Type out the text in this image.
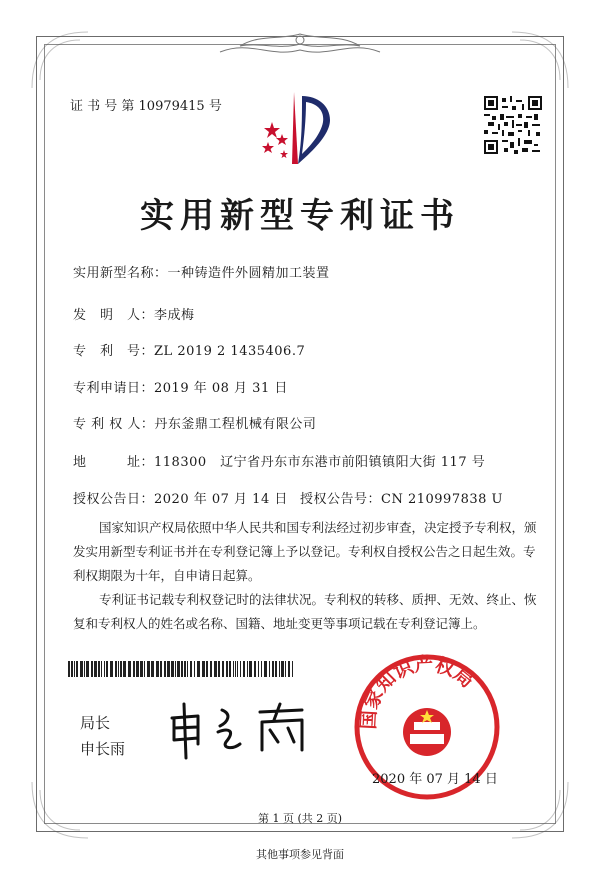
证 书 号 第 10979415 号
实用新型专利证书
实用新型名称：一种铸造件外圆精加工装置
发　明　人：李成梅
专　利　号：ZL 2019 2 1435406.7
专利申请日：2019 年 08 月 31 日
专 利 权 人：丹东釜鼎工程机械有限公司
地　　　址：118300　辽宁省丹东市东港市前阳镇镇阳大街 117 号
授权公告日：2020 年 07 月 14 日 授权公告号：CN 210997838 U
国家知识产权局依照中华人民共和国专利法经过初步审查，决定授予专利权，颁发实用新型专利证书并在专利登记簿上予以登记。专利权自授权公告之日起生效。专利权期限为十年，自申请日起算。
专利证书记载专利权登记时的法律状况。专利权的转移、质押、无效、终止、恢复和专利权人的姓名或名称、国籍、地址变更等事项记载在专利登记簿上。
局长
申长雨
国家知识产权局
2020 年 07 月 14 日
第 1 页 (共 2 页)
其他事项参见背面
